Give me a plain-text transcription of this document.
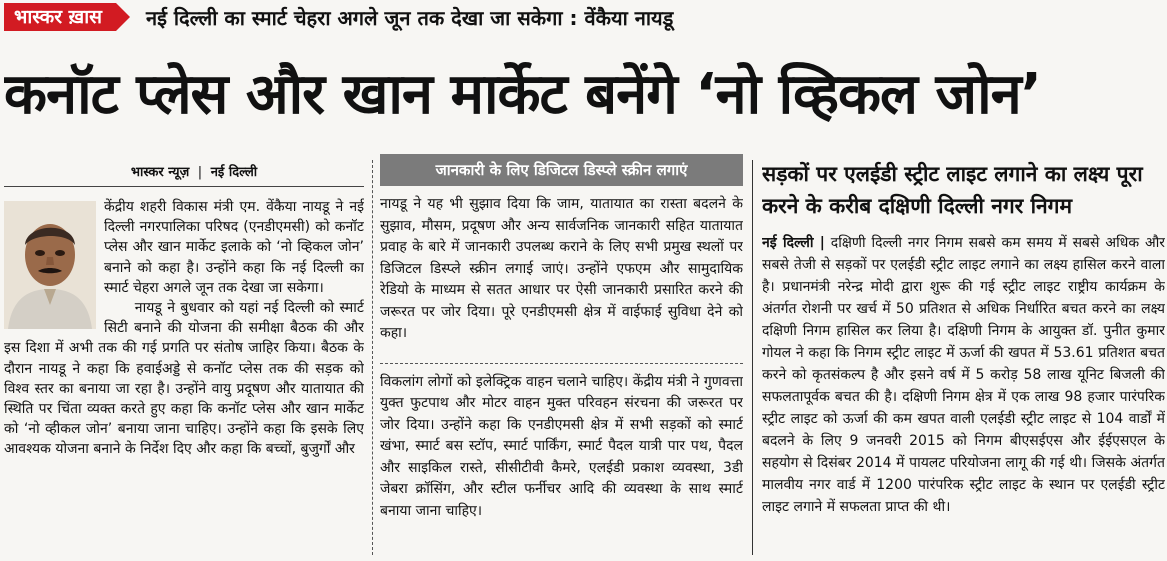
भास्कर ख़ास	नई दिल्ली का स्मार्ट चेहरा अगले जून तक देखा जा सकेगा : वेंकैया नायडू
कनॉट प्लेस और खान मार्केट बनेंगे ‘नो व्हिकल जोन’
भास्कर न्यूज़ | नई दिल्ली

केंद्रीय शहरी विकास मंत्री एम. वेंकैया नायडू ने नई दिल्ली नगरपालिका परिषद (एनडीएमसी) को कनॉट प्लेस और खान मार्केट इलाके को ‘नो व्हिकल जोन’ बनाने को कहा है। उन्होंने कहा कि नई दिल्ली का स्मार्ट चेहरा अगले जून तक देखा जा सकेगा।

नायडू ने बुधवार को यहां नई दिल्ली को स्मार्ट सिटी बनाने की योजना की समीक्षा बैठक की और इस दिशा में अभी तक की गई प्रगति पर संतोष जाहिर किया। बैठक के दौरान नायडू ने कहा कि हवाईअड्डे से कनॉट प्लेस तक की सड़क को विश्व स्तर का बनाया जा रहा है। उन्होंने वायु प्रदूषण और यातायात की स्थिति पर चिंता व्यक्त करते हुए कहा कि कनॉट प्लेस और खान मार्केट को ‘नो व्हीकल जोन’ बनाया जाना चाहिए। उन्होंने कहा कि इसके लिए आवश्यक योजना बनाने के निर्देश दिए और कहा कि बच्चों, बुजुर्गों और

जानकारी के लिए डिजिटल डिस्प्ले स्क्रीन लगाएं

नायडू ने यह भी सुझाव दिया कि जाम, यातायात का रास्ता बदलने के सुझाव, मौसम, प्रदूषण और अन्य सार्वजनिक जानकारी सहित यातायात प्रवाह के बारे में जानकारी उपलब्ध कराने के लिए सभी प्रमुख स्थलों पर डिजिटल डिस्प्ले स्क्रीन लगाई जाएं। उन्होंने एफएम और सामुदायिक रेडियो के माध्यम से सतत आधार पर ऐसी जानकारी प्रसारित करने की जरूरत पर जोर दिया। पूरे एनडीएमसी क्षेत्र में वाईफाई सुविधा देने को कहा।

विकलांग लोगों को इलेक्ट्रिक वाहन चलाने चाहिए। केंद्रीय मंत्री ने गुणवत्ता युक्त फुटपाथ और मोटर वाहन मुक्त परिवहन संरचना की जरूरत पर जोर दिया। उन्होंने कहा कि एनडीएमसी क्षेत्र में सभी सड़कों को स्मार्ट खंभा, स्मार्ट बस स्टॉप, स्मार्ट पार्किंग, स्मार्ट पैदल यात्री पार पथ, पैदल और साइकिल रास्ते, सीसीटीवी कैमरे, एलईडी प्रकाश व्यवस्था, 3डी जेबरा क्रॉसिंग, और स्टील फर्नीचर आदि की व्यवस्था के साथ स्मार्ट बनाया जाना चाहिए।

सड़कों पर एलईडी स्ट्रीट लाइट लगाने का लक्ष्य पूरा करने के करीब दक्षिणी दिल्ली नगर निगम

नई दिल्ली | दक्षिणी दिल्ली नगर निगम सबसे कम समय में सबसे अधिक और सबसे तेजी से सड़कों पर एलईडी स्ट्रीट लाइट लगाने का लक्ष्य हासिल करने वाला है। प्रधानमंत्री नरेन्द्र मोदी द्वारा शुरू की गई स्ट्रीट लाइट राष्ट्रीय कार्यक्रम के अंतर्गत रोशनी पर खर्च में 50 प्रतिशत से अधिक निर्धारित बचत करने का लक्ष्य दक्षिणी निगम हासिल कर लिया है। दक्षिणी निगम के आयुक्त डॉ. पुनीत कुमार गोयल ने कहा कि निगम स्ट्रीट लाइट में ऊर्जा की खपत में 53.61 प्रतिशत बचत करने को कृतसंकल्प है और इसने वर्ष में 5 करोड़ 58 लाख यूनिट बिजली की सफलतापूर्वक बचत की है। दक्षिणी निगम क्षेत्र में एक लाख 98 हजार पारंपरिक स्ट्रीट लाइट को ऊर्जा की कम खपत वाली एलईडी स्ट्रीट लाइट से 104 वार्डों में बदलने के लिए 9 जनवरी 2015 को निगम बीएसईएस और ईईएसएल के सहयोग से दिसंबर 2014 में पायलट परियोजना लागू की गई थी। जिसके अंतर्गत मालवीय नगर वार्ड में 1200 पारंपरिक स्ट्रीट लाइट के स्थान पर एलईडी स्ट्रीट लाइट लगाने में सफलता प्राप्त की थी।
